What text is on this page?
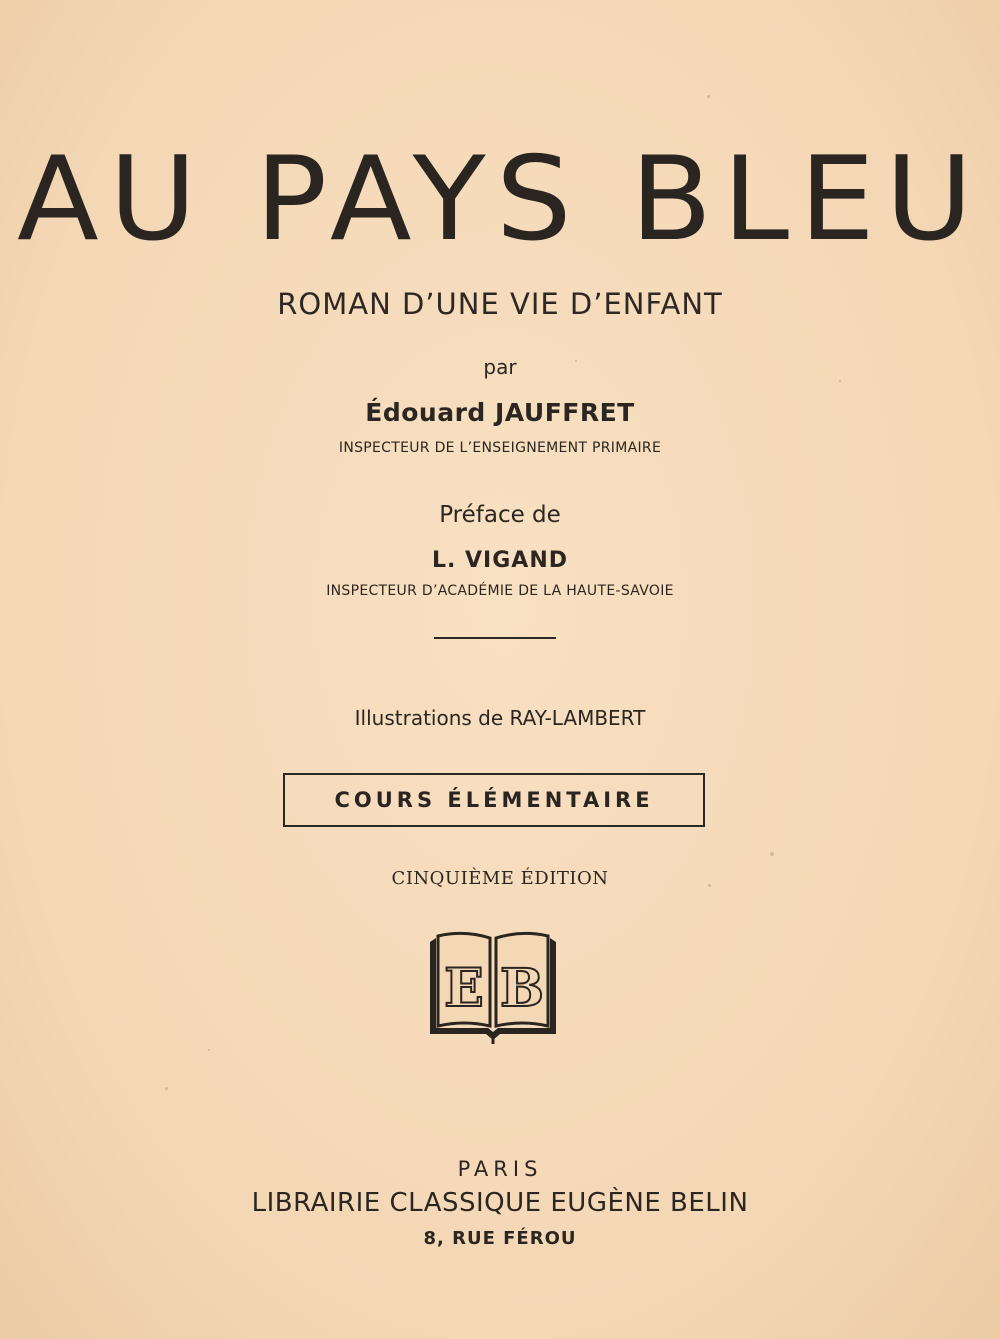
AU PAYS BLEU
ROMAN D’UNE VIE D’ENFANT
par
Édouard JAUFFRET
INSPECTEUR DE L’ENSEIGNEMENT PRIMAIRE
Préface de
L. VIGAND
INSPECTEUR D’ACADÉMIE DE LA HAUTE-SAVOIE
Illustrations de RAY-LAMBERT
COURS ÉLÉMENTAIRE
CINQUIÈME ÉDITION
E B
PARIS
LIBRAIRIE CLASSIQUE EUGÈNE BELIN
8, RUE FÉROU
